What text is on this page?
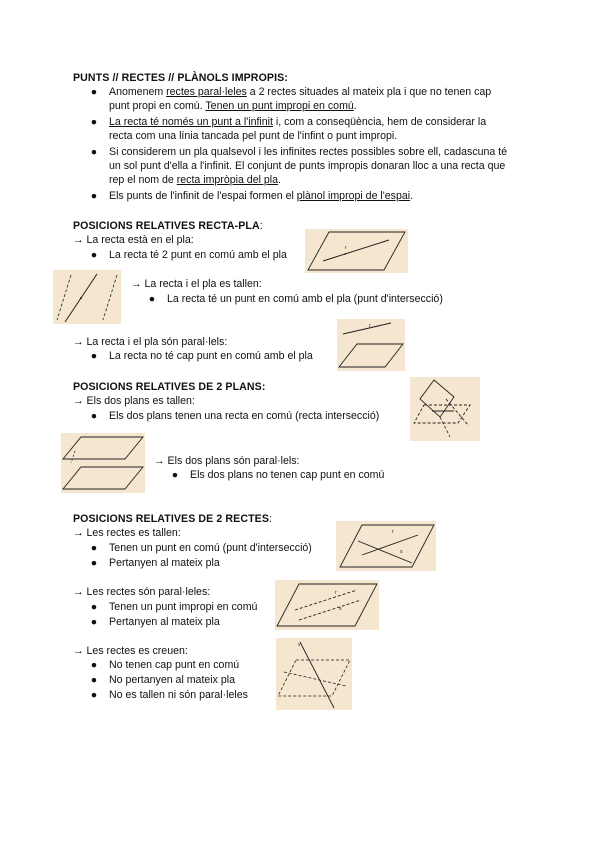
PUNTS // RECTES // PLÀNOLS IMPROPIS:
● Anomenem rectes paral·leles a 2 rectes situades al mateix pla i que no tenen cap
punt propi en comú. Tenen un punt impropi en comú.
● La recta té només un punt a l'infinit i, com a conseqüència, hem de considerar la
recta com una línia tancada pel punt de l'infint o punt impropi.
● Si considerem un pla qualsevol i les infinites rectes possibles sobre ell, cadascuna té
un sol punt d'ella a l'infinit. El conjunt de punts impropis donaran lloc a una recta que
rep el nom de recta impròpia del pla.
● Els punts de l'infinit de l'espai formen el plànol impropi de l'espai.
POSICIONS RELATIVES RECTA-PLA:
→ La recta està en el pla:
● La recta té 2 punt en comú amb el pla
r
→ La recta i el pla es tallen:
● La recta té un punt en comú amb el pla (punt d'intersecció)
→ La recta i el pla són paral·lels:
● La recta no té cap punt en comú amb el pla
r
POSICIONS RELATIVES DE 2 PLANS:
→ Els dos plans es tallen:
● Els dos plans tenen una recta en comú (recta intersecció)
→ Els dos plans són paral·lels:
● Els dos plans no tenen cap punt en comú
POSICIONS RELATIVES DE 2 RECTES:
→ Les rectes es tallen:
● Tenen un punt en comú (punt d'intersecció)
● Pertanyen al mateix pla
r
s
→ Les rectes són paral·leles:
● Tenen un punt impropi en comú
● Pertanyen al mateix pla
r
s
→ Les rectes es creuen:
● No tenen cap punt en comú
● No pertanyen al mateix pla
● No es tallen ni són paral·leles
v
